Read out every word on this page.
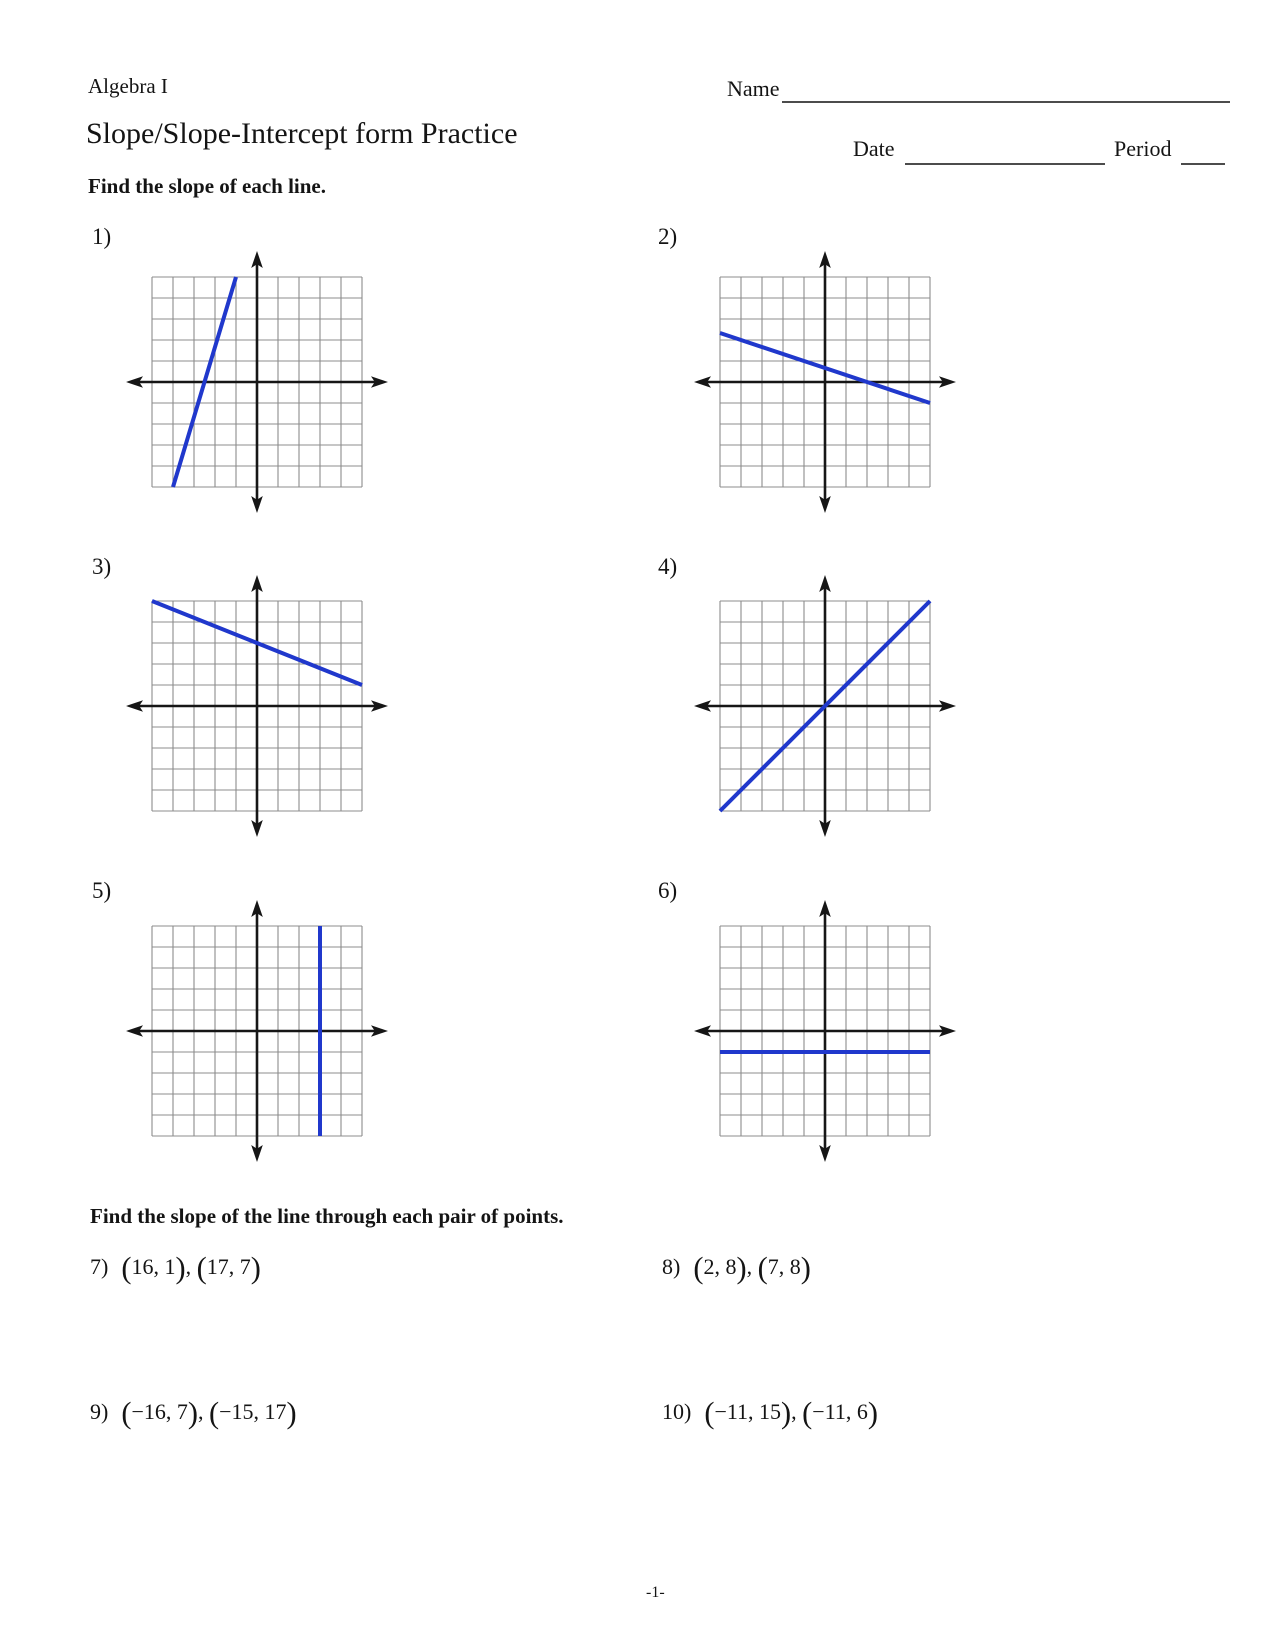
Algebra I	Name
Slope/Slope-Intercept form Practice	Date	Period
Find the slope of each line.
1)	2)
3)	4)
5)	6)
Find the slope of the line through each pair of points.
7) (16, 1), (17, 7)	8) (2, 8), (7, 8)
9) (−16, 7), (−15, 17)	10) (−11, 15), (−11, 6)
-1-
